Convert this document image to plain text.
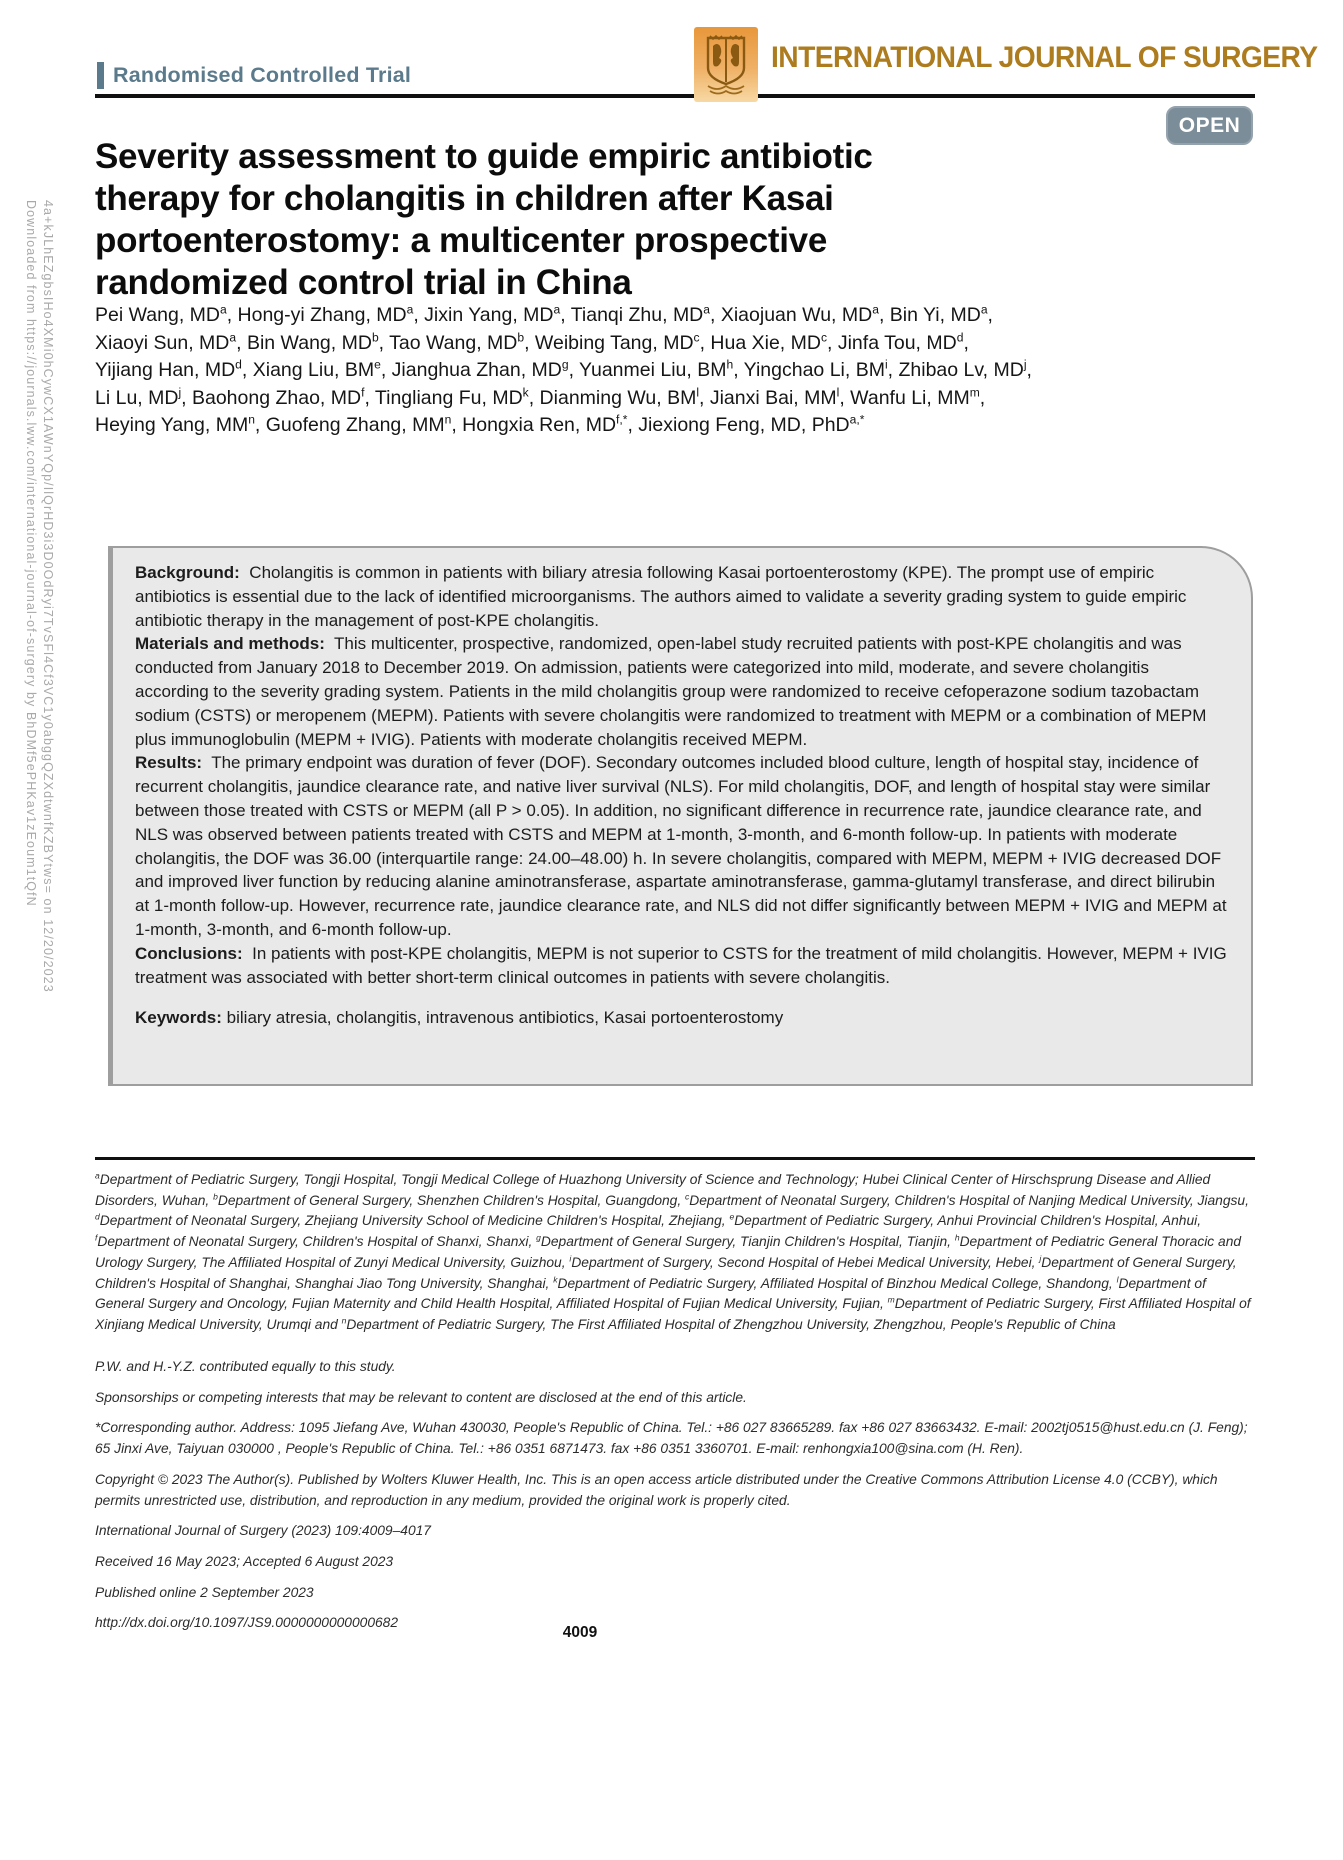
4a+kJLhEZgbsIHo4XMi0hCywCX1AWnYQp/IlQrHD3i3D0OdRyi7TvSFl4Cf3VC1y0abggQZXdtwnfKZBYtws= on 12/20/2023
Downloaded from https://journals.lww.com/international-journal-of-surgery by BhDMf5ePHKav1zEoum1tQfN
Randomised Controlled Trial
INTERNATIONAL JOURNAL OF SURGERY
OPEN
Severity assessment to guide empiric antibiotic
therapy for cholangitis in children after Kasai
portoenterostomy: a multicenter prospective
randomized control trial in China
Pei Wang, $MD^a$, Hong-yi Zhang, $MD^a$, Jixin Yang, $MD^a$, Tianqi Zhu, $MD^a$, Xiaojuan Wu, $MD^a$, Bin Yi, $MD^a$,
Xiaoyi Sun, $MD^a$, Bin Wang, $MD^b$, Tao Wang, $MD^b$, Weibing Tang, $MD^c$, Hua Xie, $MD^c$, Jinfa Tou, $MD^d$,
Yijiang Han, $MD^d$, Xiang Liu, $BM^e$, Jianghua Zhan, $MD^g$, Yuanmei Liu, $BM^h$, Yingchao Li, $BM^i$, Zhibao Lv, $MD^j$,
Li Lu, $MD^j$, Baohong Zhao, $MD^f$, Tingliang Fu, $MD^k$, Dianming Wu, $BM^l$, Jianxi Bai, $MM^l$, Wanfu Li, $MM^m$,
Heying Yang, $MM^n$, Guofeng Zhang, $MM^n$, Hongxia Ren, $MD^{f,*}$, Jiexiong Feng, MD, PhD$^{a,*}$

Background: Cholangitis is common in patients with biliary atresia following Kasai portoenterostomy (KPE). The prompt use of empiric antibiotics is essential due to the lack of identified microorganisms. The authors aimed to validate a severity grading system to guide empiric antibiotic therapy in the management of post-KPE cholangitis.

Materials and methods: This multicenter, prospective, randomized, open-label study recruited patients with post-KPE cholangitis and was conducted from January 2018 to December 2019. On admission, patients were categorized into mild, moderate, and severe cholangitis according to the severity grading system. Patients in the mild cholangitis group were randomized to receive cefoperazone sodium tazobactam sodium (CSTS) or meropenem (MEPM). Patients with severe cholangitis were randomized to treatment with MEPM or a combination of MEPM plus immunoglobulin (MEPM + IVIG). Patients with moderate cholangitis received MEPM.

Results: The primary endpoint was duration of fever (DOF). Secondary outcomes included blood culture, length of hospital stay, incidence of recurrent cholangitis, jaundice clearance rate, and native liver survival (NLS). For mild cholangitis, DOF, and length of hospital stay were similar between those treated with CSTS or MEPM (all P > 0.05). In addition, no significant difference in recurrence rate, jaundice clearance rate, and NLS was observed between patients treated with CSTS and MEPM at 1-month, 3-month, and 6-month follow-up. In patients with moderate cholangitis, the DOF was 36.00 (interquartile range: 24.00–48.00) h. In severe cholangitis, compared with MEPM, MEPM + IVIG decreased DOF and improved liver function by reducing alanine aminotransferase, aspartate aminotransferase, gamma-glutamyl transferase, and direct bilirubin at 1-month follow-up. However, recurrence rate, jaundice clearance rate, and NLS did not differ significantly between MEPM + IVIG and MEPM at 1-month, 3-month, and 6-month follow-up.

Conclusions: In patients with post-KPE cholangitis, MEPM is not superior to CSTS for the treatment of mild cholangitis. However, MEPM + IVIG treatment was associated with better short-term clinical outcomes in patients with severe cholangitis.

Keywords: biliary atresia, cholangitis, intravenous antibiotics, Kasai portoenterostomy

$^a$Department of Pediatric Surgery, Tongji Hospital, Tongji Medical College of Huazhong University of Science and Technology; Hubei Clinical Center of Hirschsprung Disease and Allied Disorders, Wuhan, $^b$Department of General Surgery, Shenzhen Children's Hospital, Guangdong, $^c$Department of Neonatal Surgery, Children's Hospital of Nanjing Medical University, Jiangsu, $^d$Department of Neonatal Surgery, Zhejiang University School of Medicine Children's Hospital, Zhejiang, $^e$Department of Pediatric Surgery, Anhui Provincial Children's Hospital, Anhui, $^f$Department of Neonatal Surgery, Children's Hospital of Shanxi, Shanxi, $^g$Department of General Surgery, Tianjin Children's Hospital, Tianjin, $^h$Department of Pediatric General Thoracic and Urology Surgery, The Affiliated Hospital of Zunyi Medical University, Guizhou, $^i$Department of Surgery, Second Hospital of Hebei Medical University, Hebei, $^j$Department of General Surgery, Children's Hospital of Shanghai, Shanghai Jiao Tong University, Shanghai, $^k$Department of Pediatric Surgery, Affiliated Hospital of Binzhou Medical College, Shandong, $^l$Department of General Surgery and Oncology, Fujian Maternity and Child Health Hospital, Affiliated Hospital of Fujian Medical University, Fujian, $^m$Department of Pediatric Surgery, First Affiliated Hospital of Xinjiang Medical University, Urumqi and $^n$Department of Pediatric Surgery, The First Affiliated Hospital of Zhengzhou University, Zhengzhou, People's Republic of China

P.W. and H.-Y.Z. contributed equally to this study.

Sponsorships or competing interests that may be relevant to content are disclosed at the end of this article.

*Corresponding author. Address: 1095 Jiefang Ave, Wuhan 430030, People's Republic of China. Tel.: +86 027 83665289. fax +86 027 83663432. E-mail: 2002tj0515@hust.edu.cn (J. Feng); 65 Jinxi Ave, Taiyuan 030000 , People's Republic of China. Tel.: +86 0351 6871473. fax +86 0351 3360701. E-mail: renhongxia100@sina.com (H. Ren).

Copyright © 2023 The Author(s). Published by Wolters Kluwer Health, Inc. This is an open access article distributed under the Creative Commons Attribution License 4.0 (CCBY), which permits unrestricted use, distribution, and reproduction in any medium, provided the original work is properly cited.

International Journal of Surgery (2023) 109:4009–4017

Received 16 May 2023; Accepted 6 August 2023

Published online 2 September 2023

http://dx.doi.org/10.1097/JS9.0000000000000682

4009
